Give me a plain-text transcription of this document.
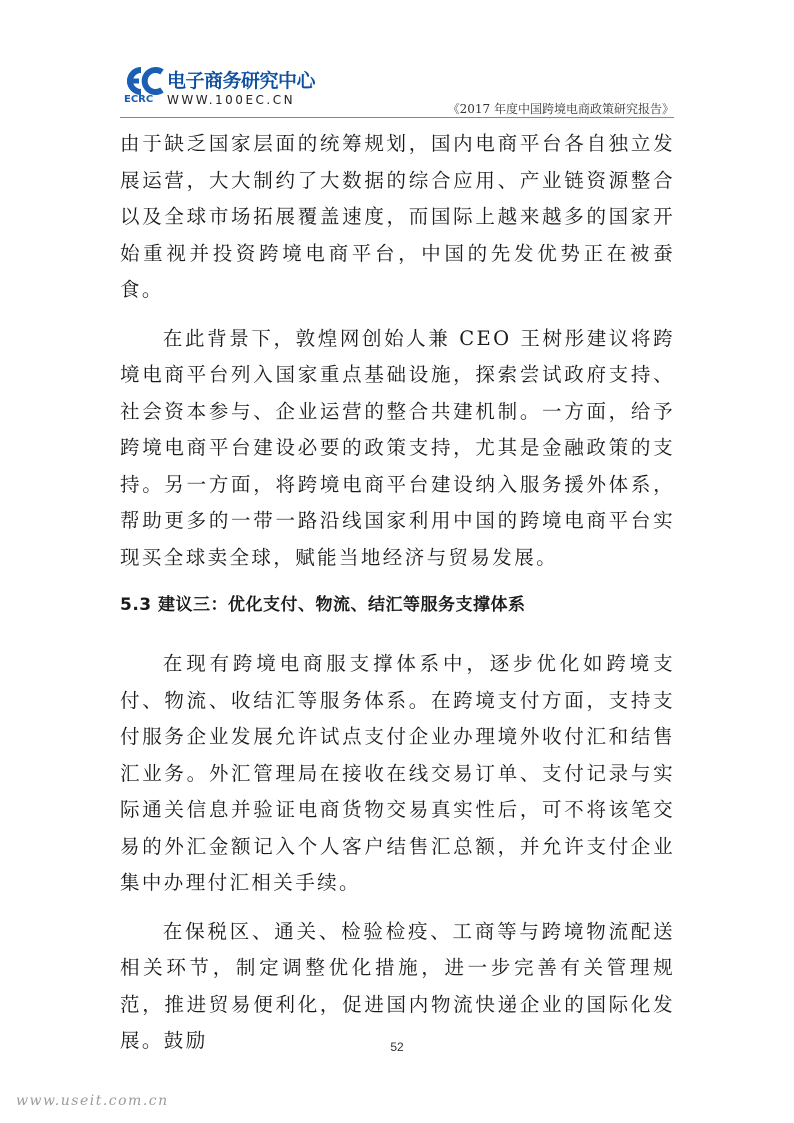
ECRC
电子商务研究中心
WWW.100EC.CN
《2017 年度中国跨境电商政策研究报告》

由于缺乏国家层面的统筹规划，国内电商平台各自独立发展运营，大大制约了大数据的综合应用、产业链资源整合以及全球市场拓展覆盖速度，而国际上越来越多的国家开始重视并投资跨境电商平台，中国的先发优势正在被蚕食。

在此背景下，敦煌网创始人兼 CEO 王树彤建议将跨境电商平台列入国家重点基础设施，探索尝试政府支持、社会资本参与、企业运营的整合共建机制。一方面，给予跨境电商平台建设必要的政策支持，尤其是金融政策的支持。另一方面，将跨境电商平台建设纳入服务援外体系，帮助更多的一带一路沿线国家利用中国的跨境电商平台实现买全球卖全球，赋能当地经济与贸易发展。

5.3 建议三：优化支付、物流、结汇等服务支撑体系

在现有跨境电商服支撑体系中，逐步优化如跨境支付、物流、收结汇等服务体系。在跨境支付方面，支持支付服务企业发展允许试点支付企业办理境外收付汇和结售汇业务。外汇管理局在接收在线交易订单、支付记录与实际通关信息并验证电商货物交易真实性后，可不将该笔交易的外汇金额记入个人客户结售汇总额，并允许支付企业集中办理付汇相关手续。

在保税区、通关、检验检疫、工商等与跨境物流配送相关环节，制定调整优化措施，进一步完善有关管理规范，推进贸易便利化，促进国内物流快递企业的国际化发展。鼓励	52
www.useit.com.cn
